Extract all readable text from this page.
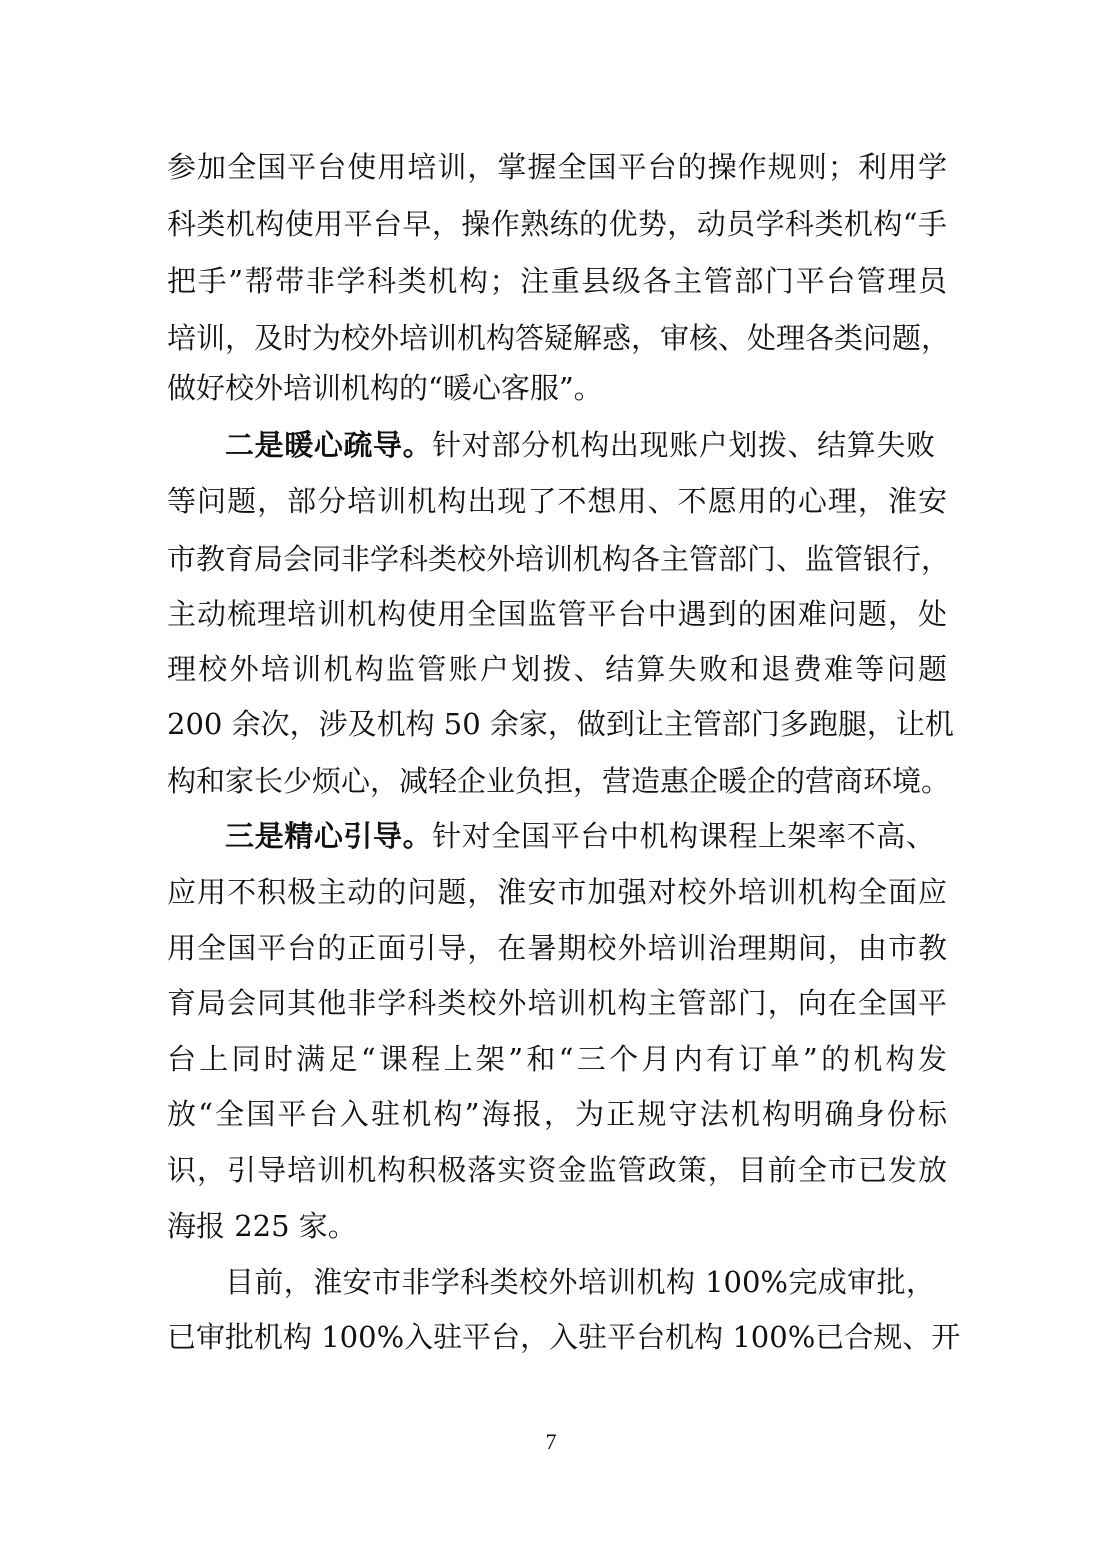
参加全国平台使用培训，掌握全国平台的操作规则；利用学
科类机构使用平台早，操作熟练的优势，动员学科类机构“手
把手”帮带非学科类机构；注重县级各主管部门平台管理员
培训，及时为校外培训机构答疑解惑，审核、处理各类问题，
做好校外培训机构的“暖心客服”。
二是暖心疏导。针对部分机构出现账户划拨、结算失败
等问题，部分培训机构出现了不想用、不愿用的心理，淮安
市教育局会同非学科类校外培训机构各主管部门、监管银行，
主动梳理培训机构使用全国监管平台中遇到的困难问题，处
理校外培训机构监管账户划拨、结算失败和退费难等问题
200 余次，涉及机构 50 余家，做到让主管部门多跑腿，让机
构和家长少烦心，减轻企业负担，营造惠企暖企的营商环境。
三是精心引导。针对全国平台中机构课程上架率不高、
应用不积极主动的问题，淮安市加强对校外培训机构全面应
用全国平台的正面引导，在暑期校外培训治理期间，由市教
育局会同其他非学科类校外培训机构主管部门，向在全国平
台上同时满足“课程上架”和“三个月内有订单”的机构发
放“全国平台入驻机构”海报，为正规守法机构明确身份标
识，引导培训机构积极落实资金监管政策，目前全市已发放
海报 225 家。
目前，淮安市非学科类校外培训机构 100%完成审批，
已审批机构 100%入驻平台，入驻平台机构 100%已合规、开
7
